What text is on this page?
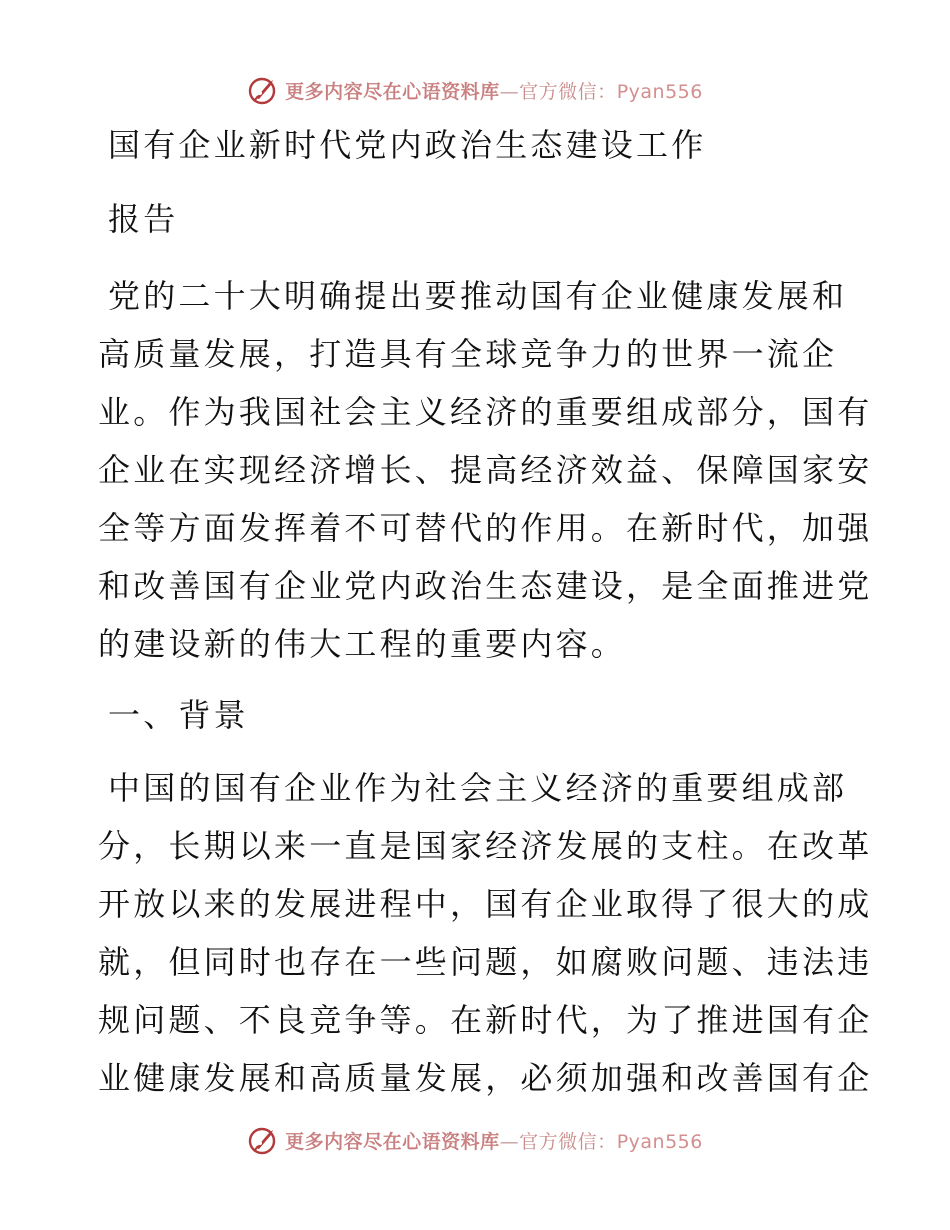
更多内容尽在心语资料库—官方微信：Pyan556
国有企业新时代党内政治生态建设工作
报告
党的二十大明确提出要推动国有企业健康发展和
高质量发展，打造具有全球竞争力的世界一流企
业。作为我国社会主义经济的重要组成部分，国有
企业在实现经济增长、提高经济效益、保障国家安
全等方面发挥着不可替代的作用。在新时代，加强
和改善国有企业党内政治生态建设，是全面推进党
的建设新的伟大工程的重要内容。
一、背景
中国的国有企业作为社会主义经济的重要组成部
分，长期以来一直是国家经济发展的支柱。在改革
开放以来的发展进程中，国有企业取得了很大的成
就，但同时也存在一些问题，如腐败问题、违法违
规问题、不良竞争等。在新时代，为了推进国有企
业健康发展和高质量发展，必须加强和改善国有企
更多内容尽在心语资料库—官方微信：Pyan556
